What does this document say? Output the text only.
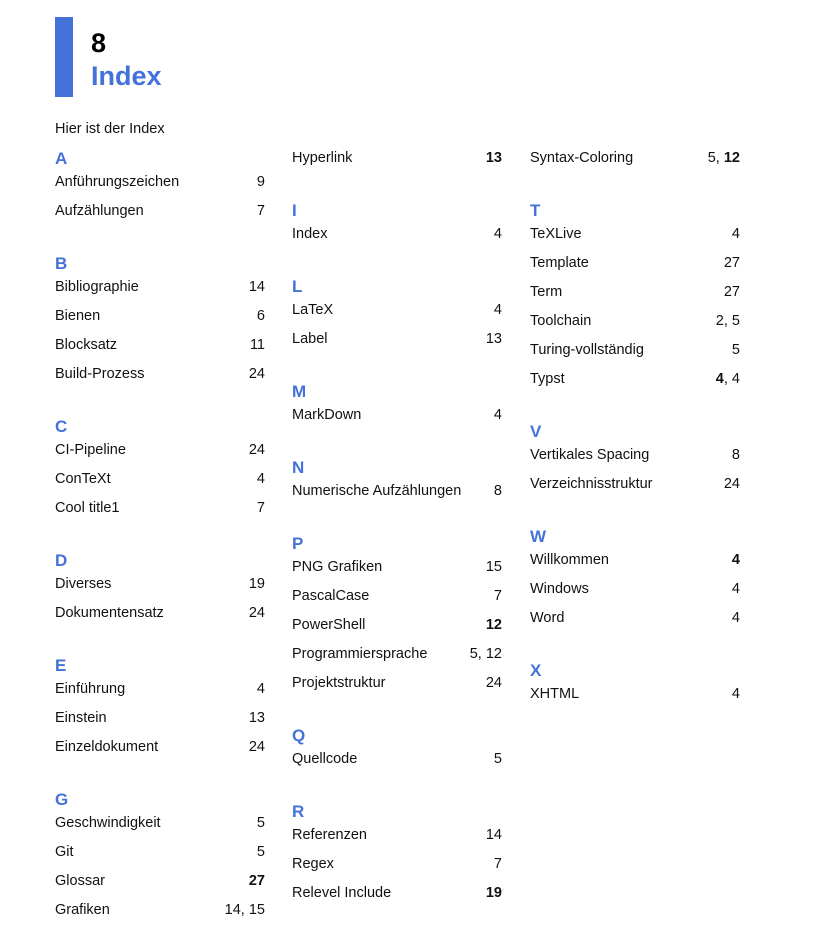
8
Index
Hier ist der Index
A
Anführungszeichen	9
Aufzählungen	7
B
Bibliographie	14
Bienen	6
Blocksatz	11
Build-Prozess	24
C
CI-Pipeline	24
ConTeXt	4
Cool title1	7
D
Diverses	19
Dokumentensatz	24
E
Einführung	4
Einstein	13
Einzeldokument	24
G
Geschwindigkeit	5
Git	5
Glossar	27
Grafiken	14, 15
Hyperlink	13
I
Index	4
L
LaTeX	4
Label	13
M
MarkDown	4
N
Numerische Aufzählungen 8
P
PNG Grafiken	15
PascalCase	7
PowerShell	12
Programmiersprache	5, 12
Projektstruktur	24
Q
Quellcode	5
R
Referenzen	14
Regex	7
Relevel Include	19
Syntax-Coloring	5, 12
T
TeXLive	4
Template	27
Term	27
Toolchain	2, 5
Turing-vollständig	5
Typst	4, 4
V
Vertikales Spacing	8
Verzeichnisstruktur	24
W
Willkommen	4
Windows	4
Word	4
X
XHTML	4
